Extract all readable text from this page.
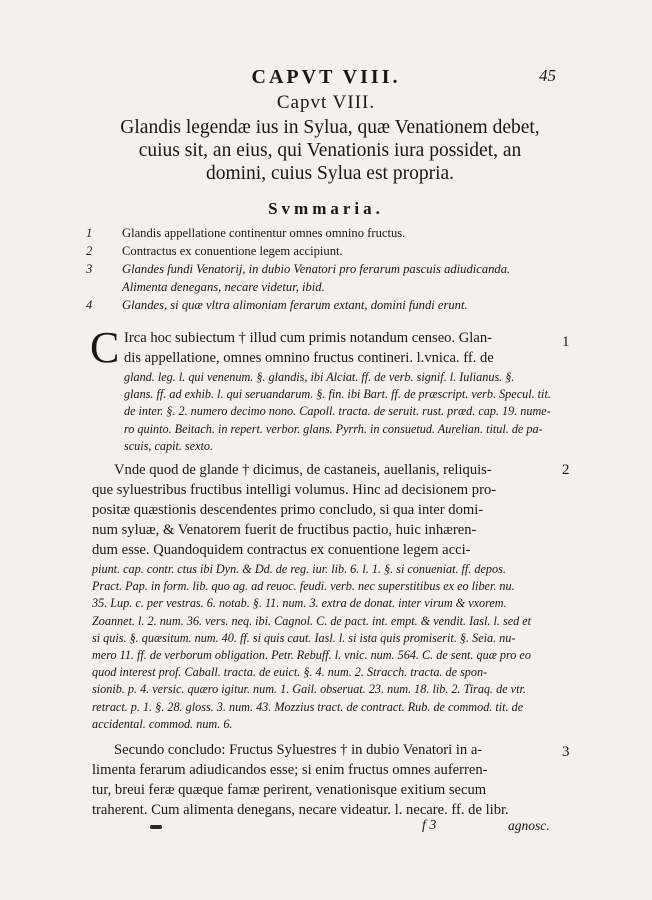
CAPVT VIII.	45
Capvt VIII.
Glandis legendæ ius in Sylua, quæ Venationem debet,
cuius sit, an eius, qui Venationis iura possidet, an
domini, cuius Sylua est propria.
Svmmaria.
1 Glandis appellatione continentur omnes omnino fructus.
2 Contractus ex conuentione legem accipiunt.
3 Glandes fundi Venatorij, in dubio Venatori pro ferarum pascuis adiudicanda.
Alimenta denegans, necare videtur, ibid.
4 Glandes, si quæ vltra alimoniam ferarum extant, domini fundi erunt.
C Irca hoc subiectum † illud cum primis notandum censeo. Glan-
dis appellatione, omnes omnino fructus contineri. l.vnica. ff. de
gland. leg. l. qui venenum. §. glandis, ibi Alciat. ff. de verb. signif. l. Iulianus. §.
glans. ff. ad exhib. l. qui seruandarum. §. fin. ibi Bart. ff. de præscript. verb. Specul. tit.
de inter. §. 2. numero decimo nono. Capoll. tracta. de seruit. rust. præd. cap. 19. nume-
ro quinto. Beitach. in repert. verbor. glans. Pyrrh. in consuetud. Aurelian. titul. de pa-
scuis, capit. sexto.
1
Vnde quod de glande † dicimus, de castaneis, auellanis, reliquis-
que syluestribus fructibus intelligi volumus. Hinc ad decisionem pro-
positæ quæstionis descendentes primo concludo, si qua inter domi-
num syluæ, & Venatorem fuerit de fructibus pactio, huic inhæren-
dum esse. Quandoquidem contractus ex conuentione legem acci-
piunt. cap. contr. ctus ibi Dyn. & Dd. de reg. iur. lib. 6. l. 1. §. si conueniat. ff. depos.
Pract. Pap. in form. lib. quo ag. ad reuoc. feudi. verb. nec superstitibus ex eo liber. nu.
35. Lup. c. per vestras. 6. notab. §. 11. num. 3. extra de donat. inter virum & vxorem.
Zoannet. l. 2. num. 36. vers. neq. ibi. Cagnol. C. de pact. int. empt. & vendit. Iasl. l. sed et
si quis. §. quæsitum. num. 40. ff. si quis caut. Iasl. l. si ista quis promiserit. §. Seia. nu-
mero 11. ff. de verborum obligation. Petr. Rebuff. l. vnic. num. 564. C. de sent. quæ pro eo
quod interest prof. Caball. tracta. de euict. §. 4. num. 2. Stracch. tracta. de spon-
sionib. p. 4. versic. quæro igitur. num. 1. Gail. obseruat. 23. num. 18. lib. 2. Tiraq. de vtr.
retract. p. 1. §. 28. gloss. 3. num. 43. Mozzius tract. de contract. Rub. de commod. tit. de
accidental. commod. num. 6.
2
Secundo concludo: Fructus Syluestres † in dubio Venatori in a-
limenta ferarum adiudicandos esse; si enim fructus omnes auferren-
tur, breui feræ quæque famæ perirent, venationisque exitium secum
traherent. Cum alimenta denegans, necare videatur. l. necare. ff. de libr.
3
f 3	agnosc.
